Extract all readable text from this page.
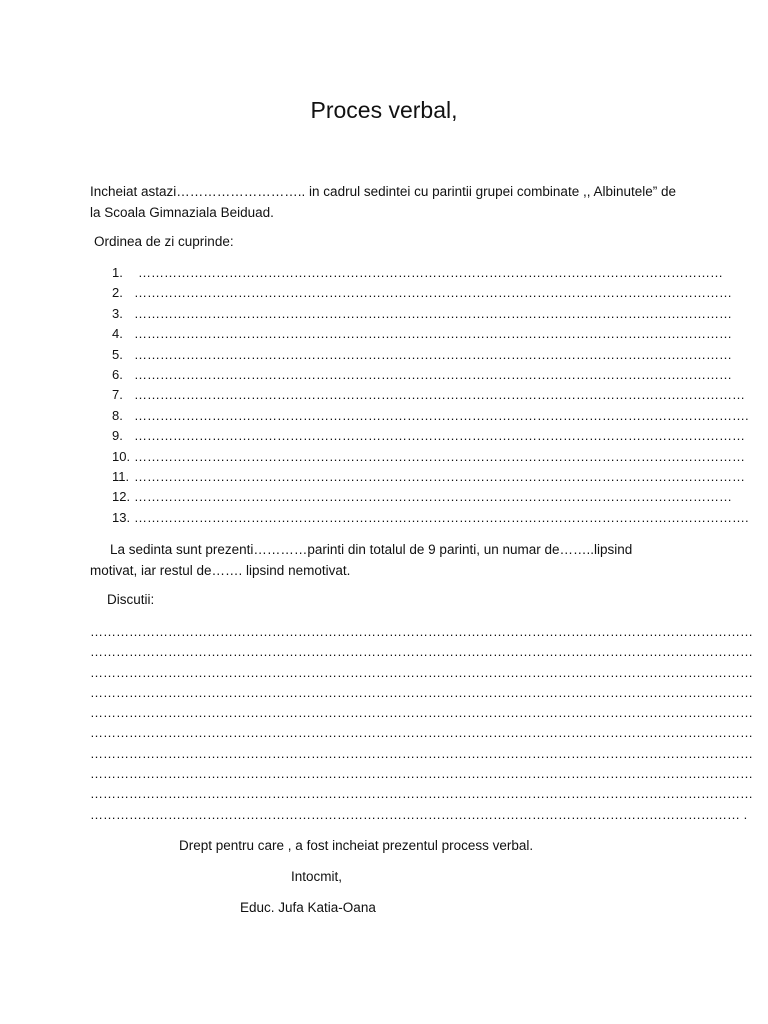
Proces verbal,
Incheiat astazi……………………….. in cadrul sedintei cu parintii grupei combinate ,, Albinutele” de la Scoala Gimnaziala Beiduad.
Ordinea de zi cuprinde:
1. ………………………………………………………………………………………………………………………
2. …………………………………………………………………………………………………………………………
3. …………………………………………………………………………………………………………………………
4. …………………………………………………………………………………………………………………………
5. …………………………………………………………………………………………………………………………
6. …………………………………………………………………………………………………………………………
7. ……………………………………………………………………………………………………………………………
8. …………………………………………………………………………………………………………………………….
9. ……………………………………………………………………………………………………………………………
10. ……………………………………………………………………………………………………………………………
11. ……………………………………………………………………………………………………………………………
12. …………………………………………………………………………………………………………………………
13. …………………………………………………………………………………………………………………………….
La sedinta sunt prezenti…………parinti din totalul de 9 parinti, un numar de……..lipsind motivat, iar restul de……. lipsind nemotivat.
Discutii:
………………………………………………………………………………………………………………………………………
………………………………………………………………………………………………………………………………………
………………………………………………………………………………………………………………………………………
………………………………………………………………………………………………………………………………………
………………………………………………………………………………………………………………………………………
………………………………………………………………………………………………………………………………………
………………………………………………………………………………………………………………………………………
………………………………………………………………………………………………………………………………………
………………………………………………………………………………………………………………………………………
…………………………………………………………………………………………………………………………………… .
Drept pentru care , a fost incheiat prezentul process verbal.
Intocmit,
Educ. Jufa Katia-Oana
